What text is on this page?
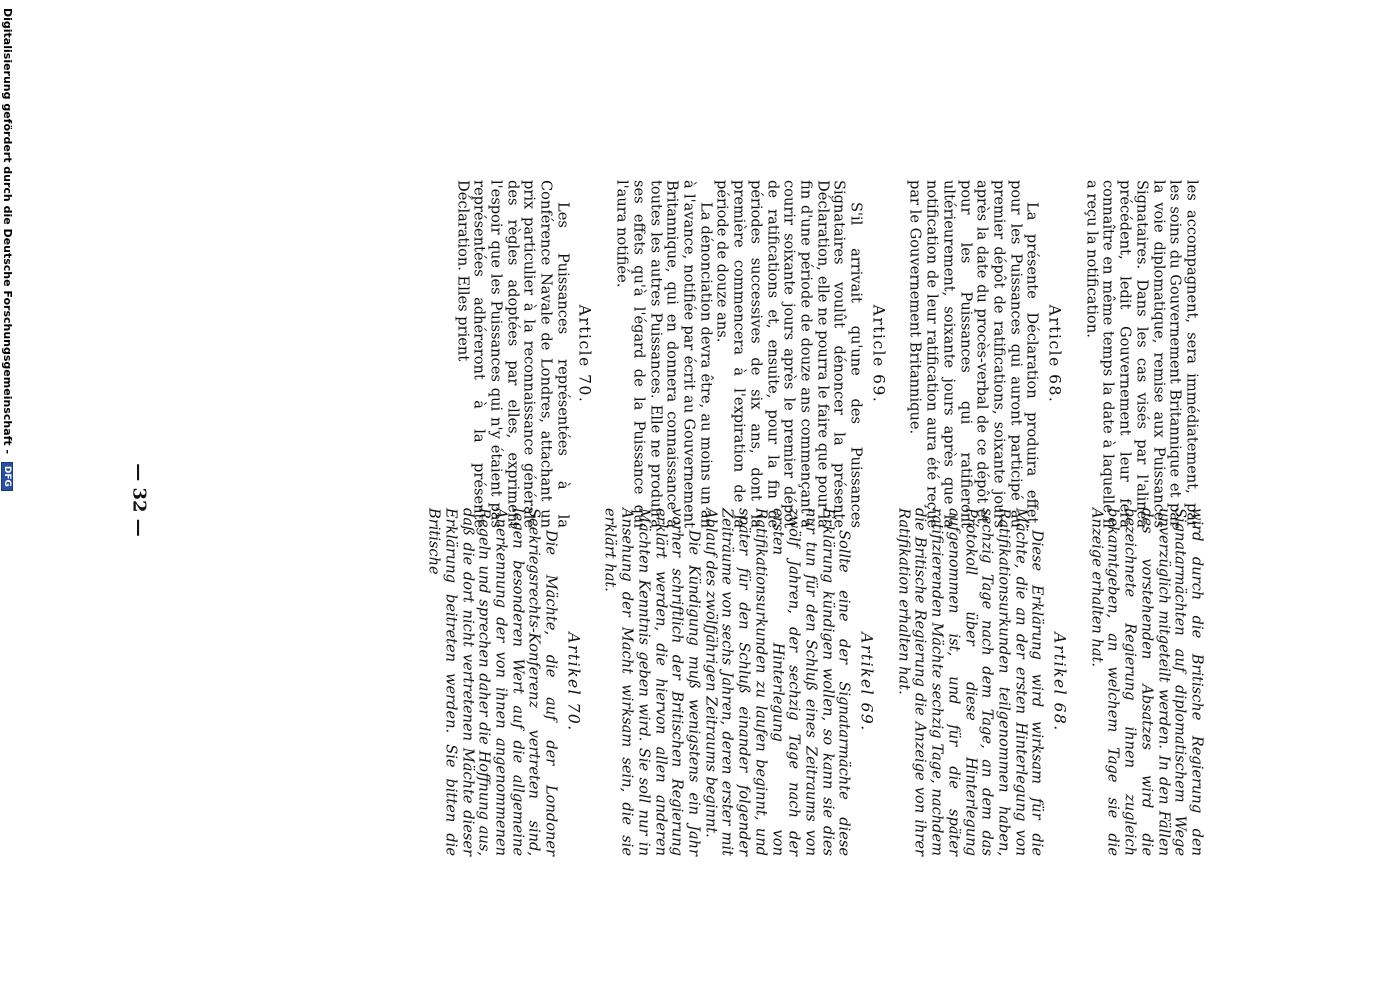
— 32 —	les accompagnent, sera immédiatement, par les soins du Gouvernement Britannique et par la voie diplomatique, remise aux Puissances Signataires. Dans les cas visés par l'alinéa précédent, ledit Gouvernement leur fera connaître en même temps la date à laquelle il a reçu la notification.

Article 68.

La présente Déclaration produira effet, pour les Puissances qui auront participé au premier dépôt de ratifications, soixante jours après la date du procès-verbal de ce dépôt et, pour les Puissances qui ratifieront ultérieurement, soixante jours après que la notification de leur ratification aura été reçue par le Gouvernement Britannique.

Article 69.

S'il arrivait qu'une des Puissances Signataires voulût dénoncer la présente Déclaration, elle ne pourra le faire que pour la fin d'une période de douze ans commençant à courir soixante jours après le premier dépôt de ratifications et, ensuite, pour la fin de périodes successives de six ans, dont la première commencera à l'expiration de la période de douze ans.

La dénonciation devra être, au moins un an à l'avance, notifiée par écrit au Gouvernement Britannique, qui en donnera connaissance à toutes les autres Puissances. Elle ne produira ses effets qu'à l'égard de la Puissance qui l'aura notifiée.

Article 70.

Les Puissances représentées à la Conférence Navale de Londres, attachant un prix particulier à la reconnaissance générale des règles adoptées par elles, expriment l'espoir que les Puissances qui n'y étaient pas représentées adhéreront à la présente Déclaration. Elles prient

wird durch die Britische Regierung den Signatarmächten auf diplomatischem Wege unverzüglich mitgeteilt werden. In den Fällen des vorstehenden Absatzes wird die bezeichnete Regierung ihnen zugleich bekanntgeben, an welchem Tage sie die Anzeige erhalten hat.

Artikel 68.

Diese Erklärung wird wirksam für die Mächte, die an der ersten Hinterlegung von Ratifikationsurkunden teilgenommen haben, sechzig Tage nach dem Tage, an dem das Protokoll über diese Hinterlegung aufgenommen ist, und für die später ratifizierenden Mächte sechzig Tage, nachdem die Britische Regierung die Anzeige von ihrer Ratifikation erhalten hat.

Artikel 69.

Sollte eine der Signatarmächte diese Erklärung kündigen wollen, so kann sie dies nur tun für den Schluß eines Zeitraums von zwölf Jahren, der sechzig Tage nach der ersten Hinterlegung von Ratifikationsurkunden zu laufen beginnt, und später für den Schluß einander folgender Zeiträume von sechs Jahren, deren erster mit Ablauf des zwölfjährigen Zeitraums beginnt.

Die Kündigung muß wenigstens ein Jahr vorher schriftlich der Britischen Regierung erklärt werden, die hiervon allen anderen Mächten Kenntnis geben wird. Sie soll nur in Ansehung der Macht wirksam sein, die sie erklärt hat.

Artikel 70.

Die Mächte, die auf der Londoner Seekriegsrechts-Konferenz vertreten sind, legen besonderen Wert auf die allgemeine Anerkennung der von ihnen angenommenen Regeln und sprechen daher die Hoffnung aus, daß die dort nicht vertretenen Mächte dieser Erklärung beitreten werden. Sie bitten die Britische

Digitalisierung gefördert durch die Deutsche Forschungsgemeinschaft - DFG
